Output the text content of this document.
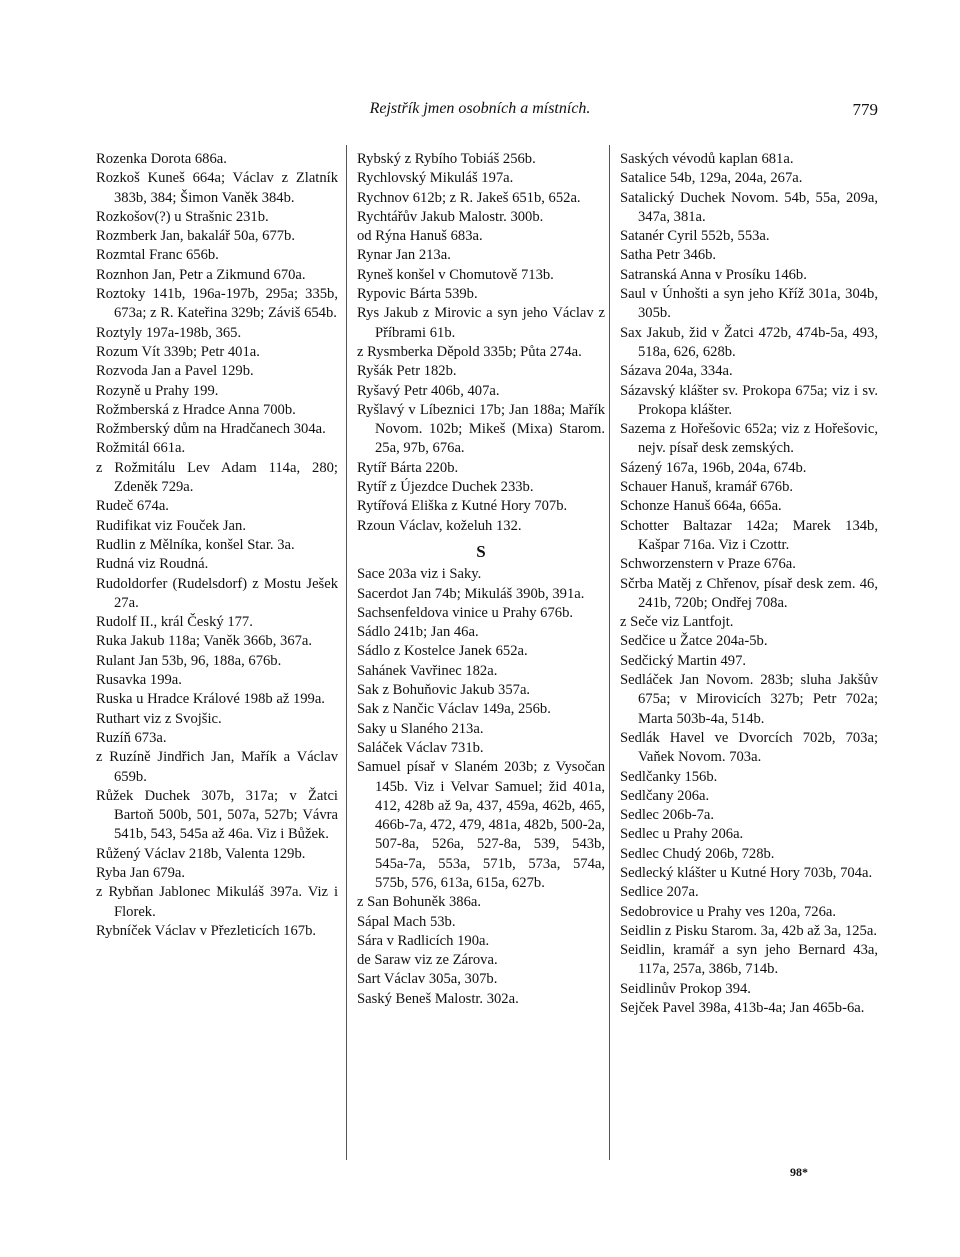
Rejstřík jmen osobních a místních.	779

Rozenka Dorota 686a.

Rozkoš Kuneš 664a; Václav z Zlatník 383b, 384; Šimon Vaněk 384b.

Rozkošov(?) u Strašnic 231b.

Rozmberk Jan, bakalář 50a, 677b.

Rozmtal Franc 656b.

Roznhon Jan, Petr a Zikmund 670a.

Roztoky 141b, 196a-197b, 295a; 335b, 673a; z R. Kateřina 329b; Záviš 654b.

Roztyly 197a-198b, 365.

Rozum Vít 339b; Petr 401a.

Rozvoda Jan a Pavel 129b.

Rozyně u Prahy 199.

Rožmberská z Hradce Anna 700b.

Rožmberský dům na Hradčanech 304a.

Rožmitál 661a.

z Rožmitálu Lev Adam 114a, 280; Zdeněk 729a.

Rudeč 674a.

Rudifikat viz Fouček Jan.

Rudlin z Mělníka, konšel Star. 3a.

Rudná viz Roudná.

Rudoldorfer (Rudelsdorf) z Mostu Ješek 27a.

Rudolf II., král Český 177.

Ruka Jakub 118a; Vaněk 366b, 367a.

Rulant Jan 53b, 96, 188a, 676b.

Rusavka 199a.

Ruska u Hradce Králové 198b až 199a.

Ruthart viz z Svojšic.

Ruzíň 673a.

z Ruzíně Jindřich Jan, Mařík a Václav 659b.

Růžek Duchek 307b, 317a; v Žatci Bartoň 500b, 501, 507a, 527b; Vávra 541b, 543, 545a až 46a. Viz i Bůžek.

Růžený Václav 218b, Valenta 129b.

Ryba Jan 679a.

z Rybňan Jablonec Mikuláš 397a. Viz i Florek.

Rybníček Václav v Přezleticích 167b.

Rybský z Rybího Tobiáš 256b.

Rychlovský Mikuláš 197a.

Rychnov 612b; z R. Jakeš 651b, 652a.

Rychtářův Jakub Malostr. 300b.

od Rýna Hanuš 683a.

Rynar Jan 213a.

Ryneš konšel v Chomutově 713b.

Rypovic Bárta 539b.

Rys Jakub z Mirovic a syn jeho Václav z Příbrami 61b.

z Rysmberka Děpold 335b; Půta 274a.

Ryšák Petr 182b.

Ryšavý Petr 406b, 407a.

Ryšlavý v Líbeznici 17b; Jan 188a; Mařík Novom. 102b; Mikeš (Mixa) Starom. 25a, 97b, 676a.

Rytíř Bárta 220b.

Rytíř z Újezdce Duchek 233b.

Rytířová Eliška z Kutné Hory 707b.

Rzoun Václav, koželuh 132.

S

Sace 203a viz i Saky.

Sacerdot Jan 74b; Mikuláš 390b, 391a.

Sachsenfeldova vinice u Prahy 676b.

Sádlo 241b; Jan 46a.

Sádlo z Kostelce Janek 652a.

Sahánek Vavřinec 182a.

Sak z Bohuňovic Jakub 357a.

Sak z Nančic Václav 149a, 256b.

Saky u Slaného 213a.

Saláček Václav 731b.

Samuel písař v Slaném 203b; z Vysočan 145b. Viz i Velvar Samuel; žid 401a, 412, 428b až 9a, 437, 459a, 462b, 465, 466b-7a, 472, 479, 481a, 482b, 500-2a, 507-8a, 526a, 527-8a, 539, 543b, 545a-7a, 553a, 571b, 573a, 574a, 575b, 576, 613a, 615a, 627b.

z San Bohuněk 386a.

Sápal Mach 53b.

Sára v Radlicích 190a.

de Saraw viz ze Zárova.

Sart Václav 305a, 307b.

Saský Beneš Malostr. 302a.

Saských vévodů kaplan 681a.

Satalice 54b, 129a, 204a, 267a.

Satalický Duchek Novom. 54b, 55a, 209a, 347a, 381a.

Satanér Cyril 552b, 553a.

Satha Petr 346b.

Satranská Anna v Prosíku 146b.

Saul v Únhošti a syn jeho Kříž 301a, 304b, 305b.

Sax Jakub, žid v Žatci 472b, 474b-5a, 493, 518a, 626, 628b.

Sázava 204a, 334a.

Sázavský klášter sv. Prokopa 675a; viz i sv. Prokopa klášter.

Sazema z Hořešovic 652a; viz z Hořešovic, nejv. písař desk zemských.

Sázený 167a, 196b, 204a, 674b.

Schauer Hanuš, kramář 676b.

Schonze Hanuš 664a, 665a.

Schotter Baltazar 142a; Marek 134b, Kašpar 716a. Viz i Czottr.

Schworzenstern v Praze 676a.

Sčrba Matěj z Chřenov, písař desk zem. 46, 241b, 720b; Ondřej 708a.

z Seče viz Lantfojt.

Sedčice u Žatce 204a-5b.

Sedčický Martin 497.

Sedláček Jan Novom. 283b; sluha Jakšův 675a; v Mirovicích 327b; Petr 702a; Marta 503b-4a, 514b.

Sedlák Havel ve Dvorcích 702b, 703a; Vaňek Novom. 703a.

Sedlčanky 156b.

Sedlčany 206a.

Sedlec 206b-7a.

Sedlec u Prahy 206a.

Sedlec Chudý 206b, 728b.

Sedlecký klášter u Kutné Hory 703b, 704a.

Sedlice 207a.

Sedobrovice u Prahy ves 120a, 726a.

Seidlin z Pisku Starom. 3a, 42b až 3a, 125a.

Seidlin, kramář a syn jeho Bernard 43a, 117a, 257a, 386b, 714b.

Seidlinův Prokop 394.

Sejček Pavel 398a, 413b-4a; Jan 465b-6a.

98*
